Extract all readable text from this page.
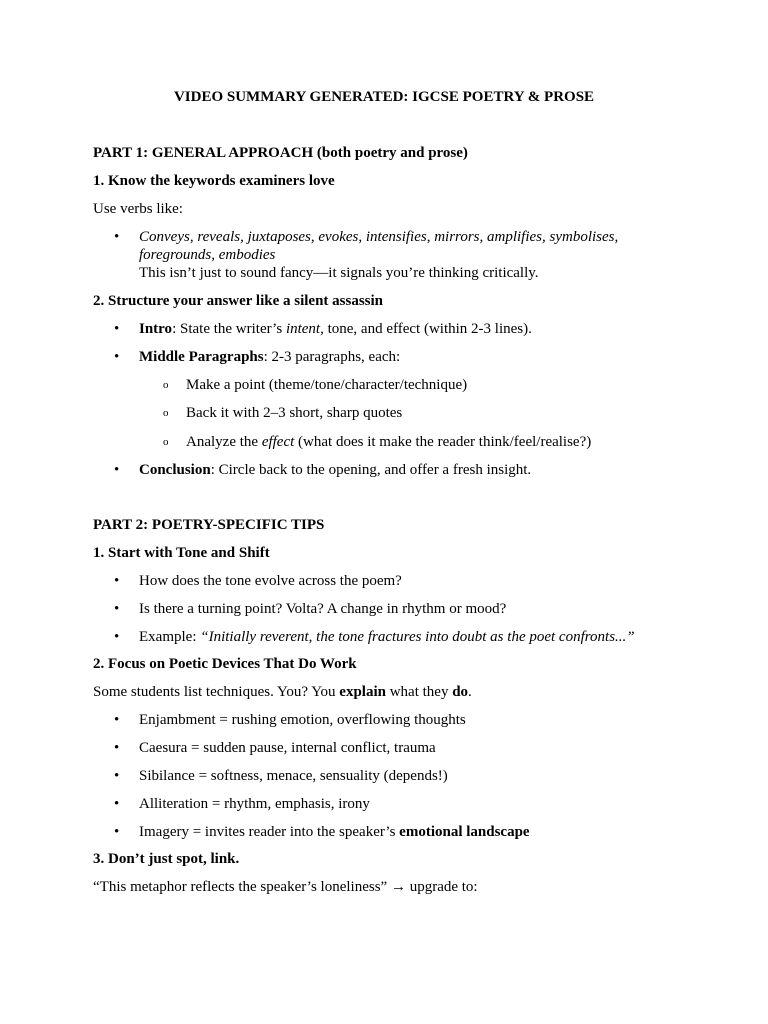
VIDEO SUMMARY GENERATED: IGCSE POETRY & PROSE
PART 1: GENERAL APPROACH (both poetry and prose)
1. Know the keywords examiners love
Use verbs like:
• Conveys, reveals, juxtaposes, evokes, intensifies, mirrors, amplifies, symbolises,
foregrounds, embodies
This isn’t just to sound fancy—it signals you’re thinking critically.
2. Structure your answer like a silent assassin
• Intro: State the writer’s intent, tone, and effect (within 2-3 lines).
• Middle Paragraphs: 2-3 paragraphs, each:
o Make a point (theme/tone/character/technique)
o Back it with 2–3 short, sharp quotes
o Analyze the effect (what does it make the reader think/feel/realise?)
• Conclusion: Circle back to the opening, and offer a fresh insight.
PART 2: POETRY-SPECIFIC TIPS
1. Start with Tone and Shift
• How does the tone evolve across the poem?
• Is there a turning point? Volta? A change in rhythm or mood?
• Example: “Initially reverent, the tone fractures into doubt as the poet confronts...”
2. Focus on Poetic Devices That Do Work
Some students list techniques. You? You explain what they do.
• Enjambment = rushing emotion, overflowing thoughts
• Caesura = sudden pause, internal conflict, trauma
• Sibilance = softness, menace, sensuality (depends!)
• Alliteration = rhythm, emphasis, irony
• Imagery = invites reader into the speaker’s emotional landscape
3. Don’t just spot, link.
“This metaphor reflects the speaker’s loneliness” → upgrade to:
